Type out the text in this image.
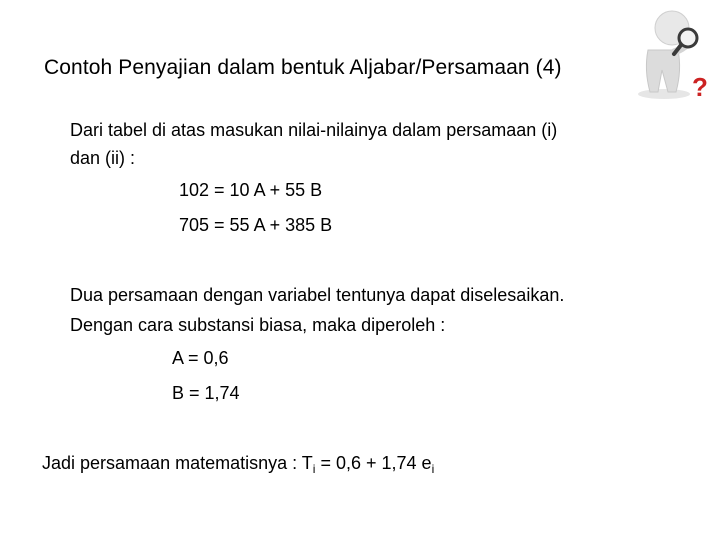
?
Contoh Penyajian dalam bentuk Aljabar/Persamaan (4)
Dari tabel di atas masukan nilai-nilainya dalam persamaan (i)
dan (ii) :
102 = 10 A + 55 B
705 = 55 A + 385 B
Dua persamaan dengan variabel tentunya dapat diselesaikan.
Dengan cara substansi biasa, maka diperoleh :
A = 0,6
B = 1,74
Jadi persamaan matematisnya : $T_i = 0,6 + 1,74$ $e_i$
